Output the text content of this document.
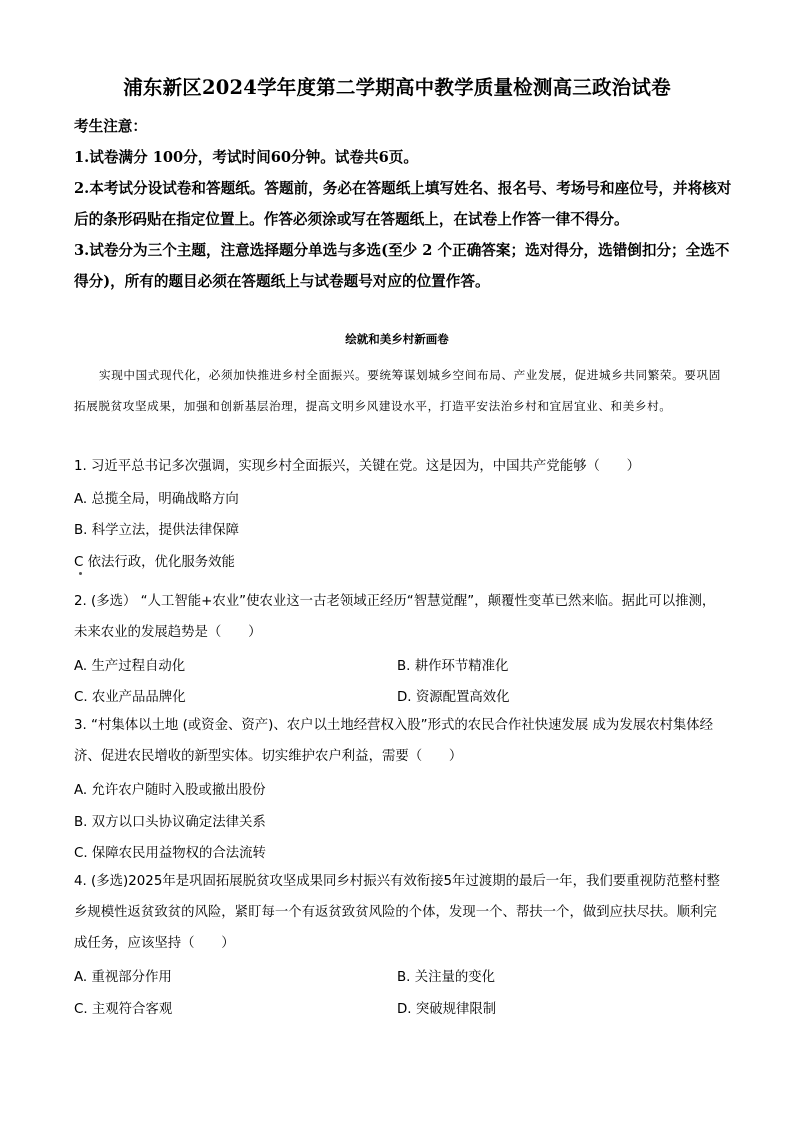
浦东新区2024学年度第二学期高中教学质量检测高三政治试卷

考生注意：

1.试卷满分 100分，考试时间60分钟。试卷共6页。

2.本考试分设试卷和答题纸。答题前，务必在答题纸上填写姓名、报名号、考场号和座位号，并将核对后的条形码贴在指定位置上。作答必须涂或写在答题纸上，在试卷上作答一律不得分。

3.试卷分为三个主题，注意选择题分单选与多选(至少 2 个正确答案；选对得分，选错倒扣分；全选不得分)，所有的题目必须在答题纸上与试卷题号对应的位置作答。

绘就和美乡村新画卷
实现中国式现代化，必须加快推进乡村全面振兴。要统筹谋划城乡空间布局、产业发展，促进城乡共同繁荣。要巩固拓展脱贫攻坚成果，加强和创新基层治理，提高文明乡风建设水平，打造平安法治乡村和宜居宜业、和美乡村。
1. 习近平总书记多次强调，实现乡村全面振兴，关键在党。这是因为，中国共产党能够（　　）
A. 总揽全局，明确战略方向
B. 科学立法，提供法律保障
C 依法行政，优化服务效能
2. (多选） “人工智能+农业”使农业这一古老领域正经历“智慧觉醒”，颠覆性变革已然来临。据此可以推测，未来农业的发展趋势是（　　）
A. 生产过程自动化	B. 耕作环节精准化
C. 农业产品品牌化	D. 资源配置高效化
3. “村集体以土地 (或资金、资产)、农户以土地经营权入股”形式的农民合作社快速发展 成为发展农村集体经济、促进农民增收的新型实体。切实维护农户利益，需要（　　）
A. 允许农户随时入股或撤出股份
B. 双方以口头协议确定法律关系
C. 保障农民用益物权的合法流转
4. (多选)2025年是巩固拓展脱贫攻坚成果同乡村振兴有效衔接5年过渡期的最后一年，我们要重视防范整村整乡规模性返贫致贫的风险，紧盯每一个有返贫致贫风险的个体，发现一个、帮扶一个，做到应扶尽扶。顺利完成任务，应该坚持（　　）
A. 重视部分作用	B. 关注量的变化
C. 主观符合客观	D. 突破规律限制
